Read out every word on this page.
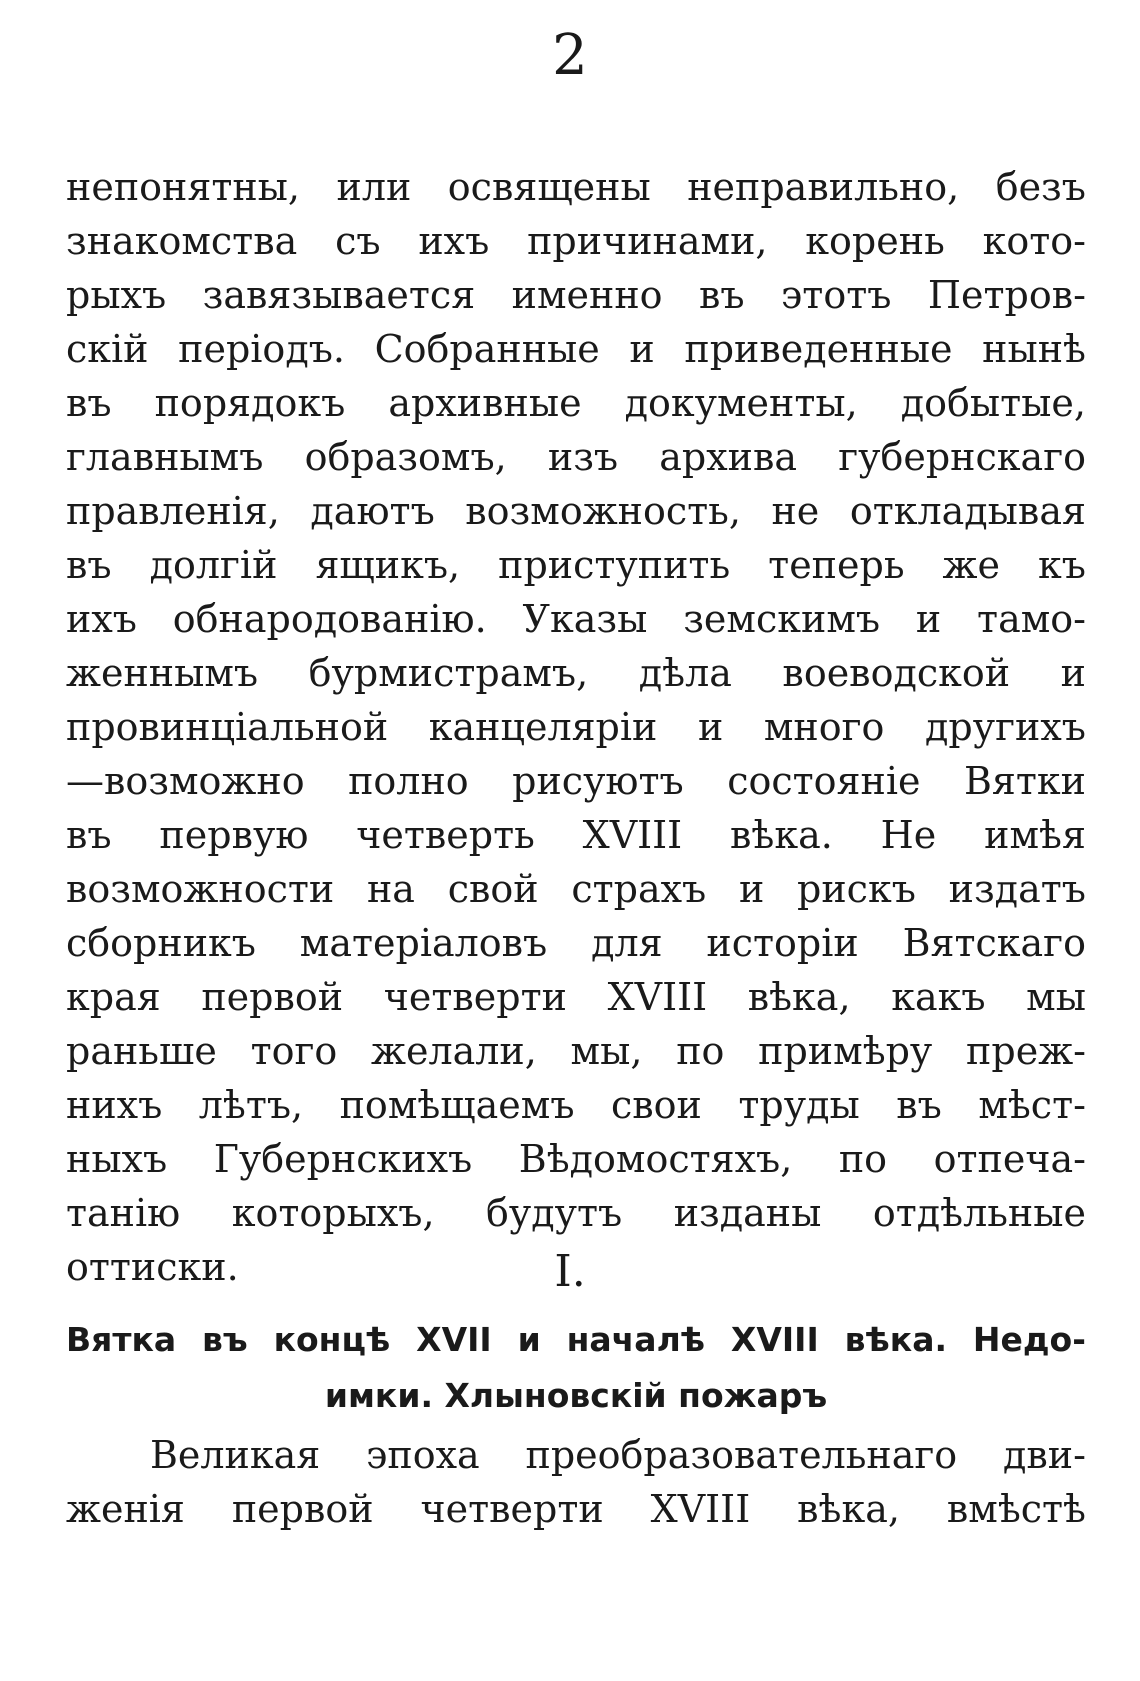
2
непонятны, или освящены неправильно, безъ
знакомства съ ихъ причинами, корень кото-
рыхъ завязывается именно въ этотъ Петров-
скій періодъ. Собранные и приведенные нынѣ
въ порядокъ архивные документы, добытые,
главнымъ образомъ, изъ архива губернскаго
правленія, даютъ возможность, не откладывая
въ долгій ящикъ, приступить теперь же къ
ихъ обнародованію. Указы земскимъ и тамо-
женнымъ бурмистрамъ, дѣла воеводской и
провинціальной канцеляріи и много другихъ
—возможно полно рисуютъ состояніе Вятки
въ первую четверть XVIII вѣка. Не имѣя
возможности на свой страхъ и рискъ издатъ
сборникъ матеріаловъ для исторіи Вятскаго
края первой четверти XVIII вѣка, какъ мы
раньше того желали, мы, по примѣру преж-
нихъ лѣтъ, помѣщаемъ свои труды въ мѣст-
ныхъ Губернскихъ Вѣдомостяхъ, по отпеча-
танію которыхъ, будутъ изданы отдѣльные
оттиски.	I.
Вятка въ концѣ XVII и началѣ XVIII вѣка. Недо-
имки. Хлыновскій пожаръ
Великая эпоха преобразовательнаго дви-
женія первой четверти XVIII вѣка, вмѣстѣ
